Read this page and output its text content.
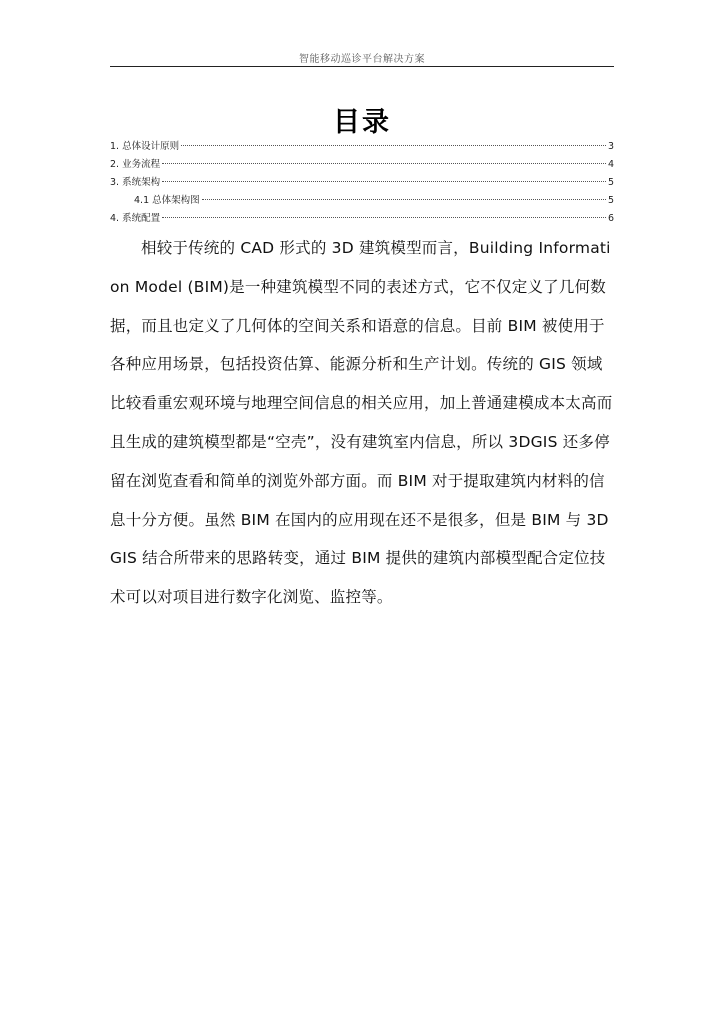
智能移动巡诊平台解决方案
目录
1. 总体设计原则	3
2. 业务流程	4
3. 系统架构	5
4.1 总体架构图	5
4. 系统配置	6

相较于传统的 CAD 形式的 3D 建筑模型而言，Building Information Model (BIM)是一种建筑模型不同的表述方式，它不仅定义了几何数据，而且也定义了几何体的空间关系和语意的信息。目前 BIM 被使用于各种应用场景，包括投资估算、能源分析和生产计划。传统的 GIS 领域比较看重宏观环境与地理空间信息的相关应用，加上普通建模成本太高而且生成的建筑模型都是“空壳”，没有建筑室内信息，所以 3DGIS 还多停留在浏览查看和简单的浏览外部方面。而 BIM 对于提取建筑内材料的信息十分方便。虽然 BIM 在国内的应用现在还不是很多，但是 BIM 与 3DGIS 结合所带来的思路转变，通过 BIM 提供的建筑内部模型配合定位技术可以对项目进行数字化浏览、监控等。
